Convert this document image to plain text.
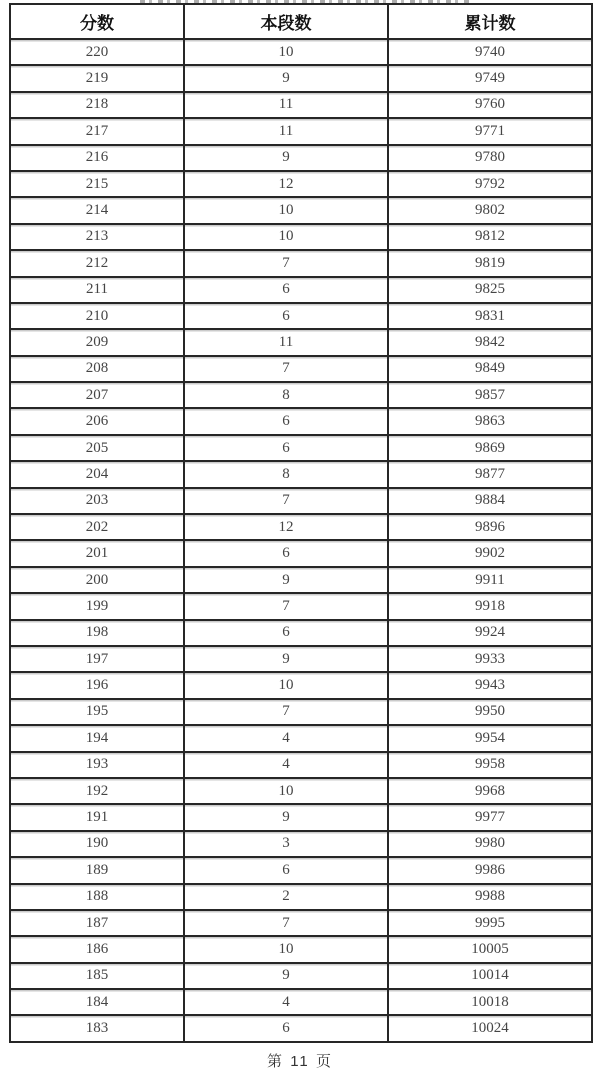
分数	本段数	累计数
220	10	9740
219	9	9749
218	11	9760
217	11	9771
216	9	9780
215	12	9792
214	10	9802
213	10	9812
212	7	9819
211	6	9825
210	6	9831
209	11	9842
208	7	9849
207	8	9857
206	6	9863
205	6	9869
204	8	9877
203	7	9884
202	12	9896
201	6	9902
200	9	9911
199	7	9918
198	6	9924
197	9	9933
196	10	9943
195	7	9950
194	4	9954
193	4	9958
192	10	9968
191	9	9977
190	3	9980
189	6	9986
188	2	9988
187	7	9995
186	10	10005
185	9	10014
184	4	10018
183	6	10024
第 11 页
